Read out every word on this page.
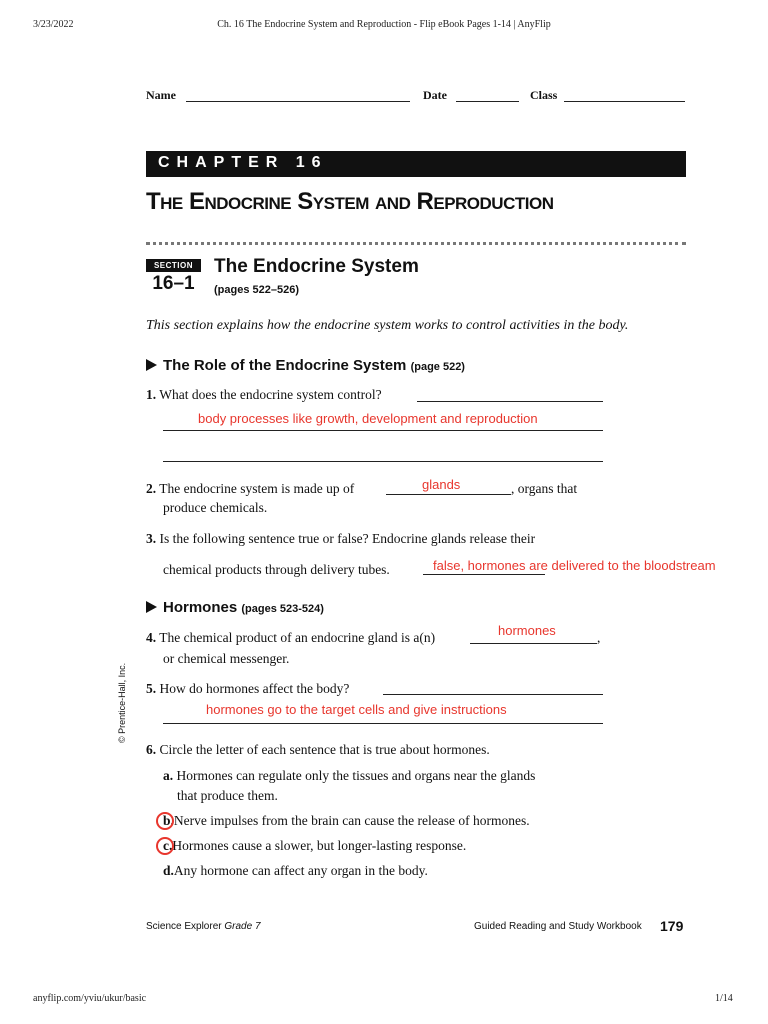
3/23/2022	Ch. 16 The Endocrine System and Reproduction - Flip eBook Pages 1-14 | AnyFlip
Name	Date	Class
CHAPTER 16
The Endocrine System and Reproduction
SECTION
16–1
The Endocrine System
(pages 522–526)
This section explains how the endocrine system works to control activities in the body.
The Role of the Endocrine System (page 522)
1. What does the endocrine system control?
body processes like growth, development and reproduction
2. The endocrine system is made up of	glands	, organs that
produce chemicals.
3. Is the following sentence true or false? Endocrine glands release their
chemical products through delivery tubes.	false, hormones are delivered to the bloodstream
Hormones (pages 523-524)
4. The chemical product of an endocrine gland is a(n)	hormones	,
or chemical messenger.
© Prentice-Hall, Inc. 5. How do hormones affect the body?
hormones go to the target cells and give instructions
6. Circle the letter of each sentence that is true about hormones.
a. Hormones can regulate only the tissues and organs near the glands
that produce them.
b.Nerve impulses from the brain can cause the release of hormones.
c.Hormones cause a slower, but longer-lasting response.
d.Any hormone can affect any organ in the body.
Science Explorer Grade 7	Guided Reading and Study Workbook 179
anyflip.com/yviu/ukur/basic	1/14
